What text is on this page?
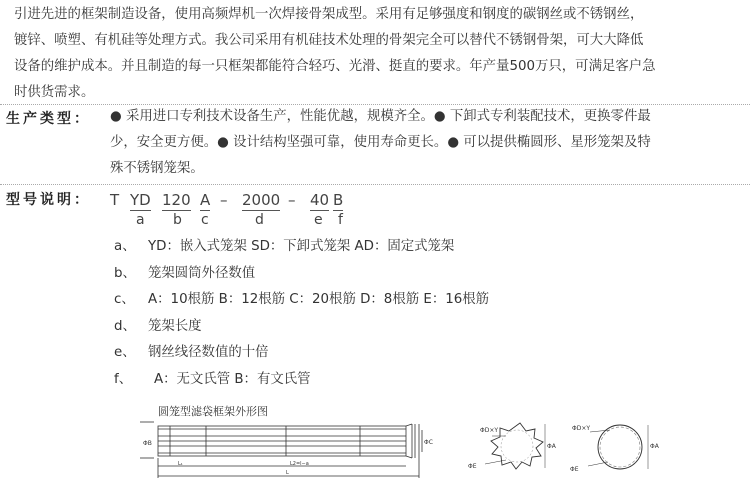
引进先进的框架制造设备，使用高频焊机一次焊接骨架成型。采用有足够强度和钢度的碳钢丝或不锈钢丝，
镀锌、喷塑、有机硅等处理方式。我公司采用有机硅技术处理的骨架完全可以替代不锈钢骨架，可大大降低
设备的维护成本。并且制造的每一只框架都能符合轻巧、光滑、挺直的要求。年产量500万只，可满足客户急
时供货需求。
生产类型： ● 采用进口专利技术设备生产，性能优越，规模齐全。● 下卸式专利装配技术，更换零件最
少，安全更方便。● 设计结构坚强可靠，使用寿命更长。● 可以提供椭圆形、星形笼架及特
殊不锈钢笼架。
型号说明： T YD 120 A – 2000 – 40 B
a b c	d	e f
a、 YD：嵌入式笼架 SD：下卸式笼架 AD：固定式笼架
b、 笼架圆筒外径数值
c、 A：10根筋 B：12根筋 C：20根筋 D：8根筋 E：16根筋
d、 笼架长度
e、 钢丝线径数值的十倍
f、 A：无文氏管 B：有文氏管
圆笼型滤袋框架外形图
ΦB	ΦC
L₁	L2=l−a
L
ΦD×Y
ΦA
ΦE
ΦD×Y
ΦA
ΦE
